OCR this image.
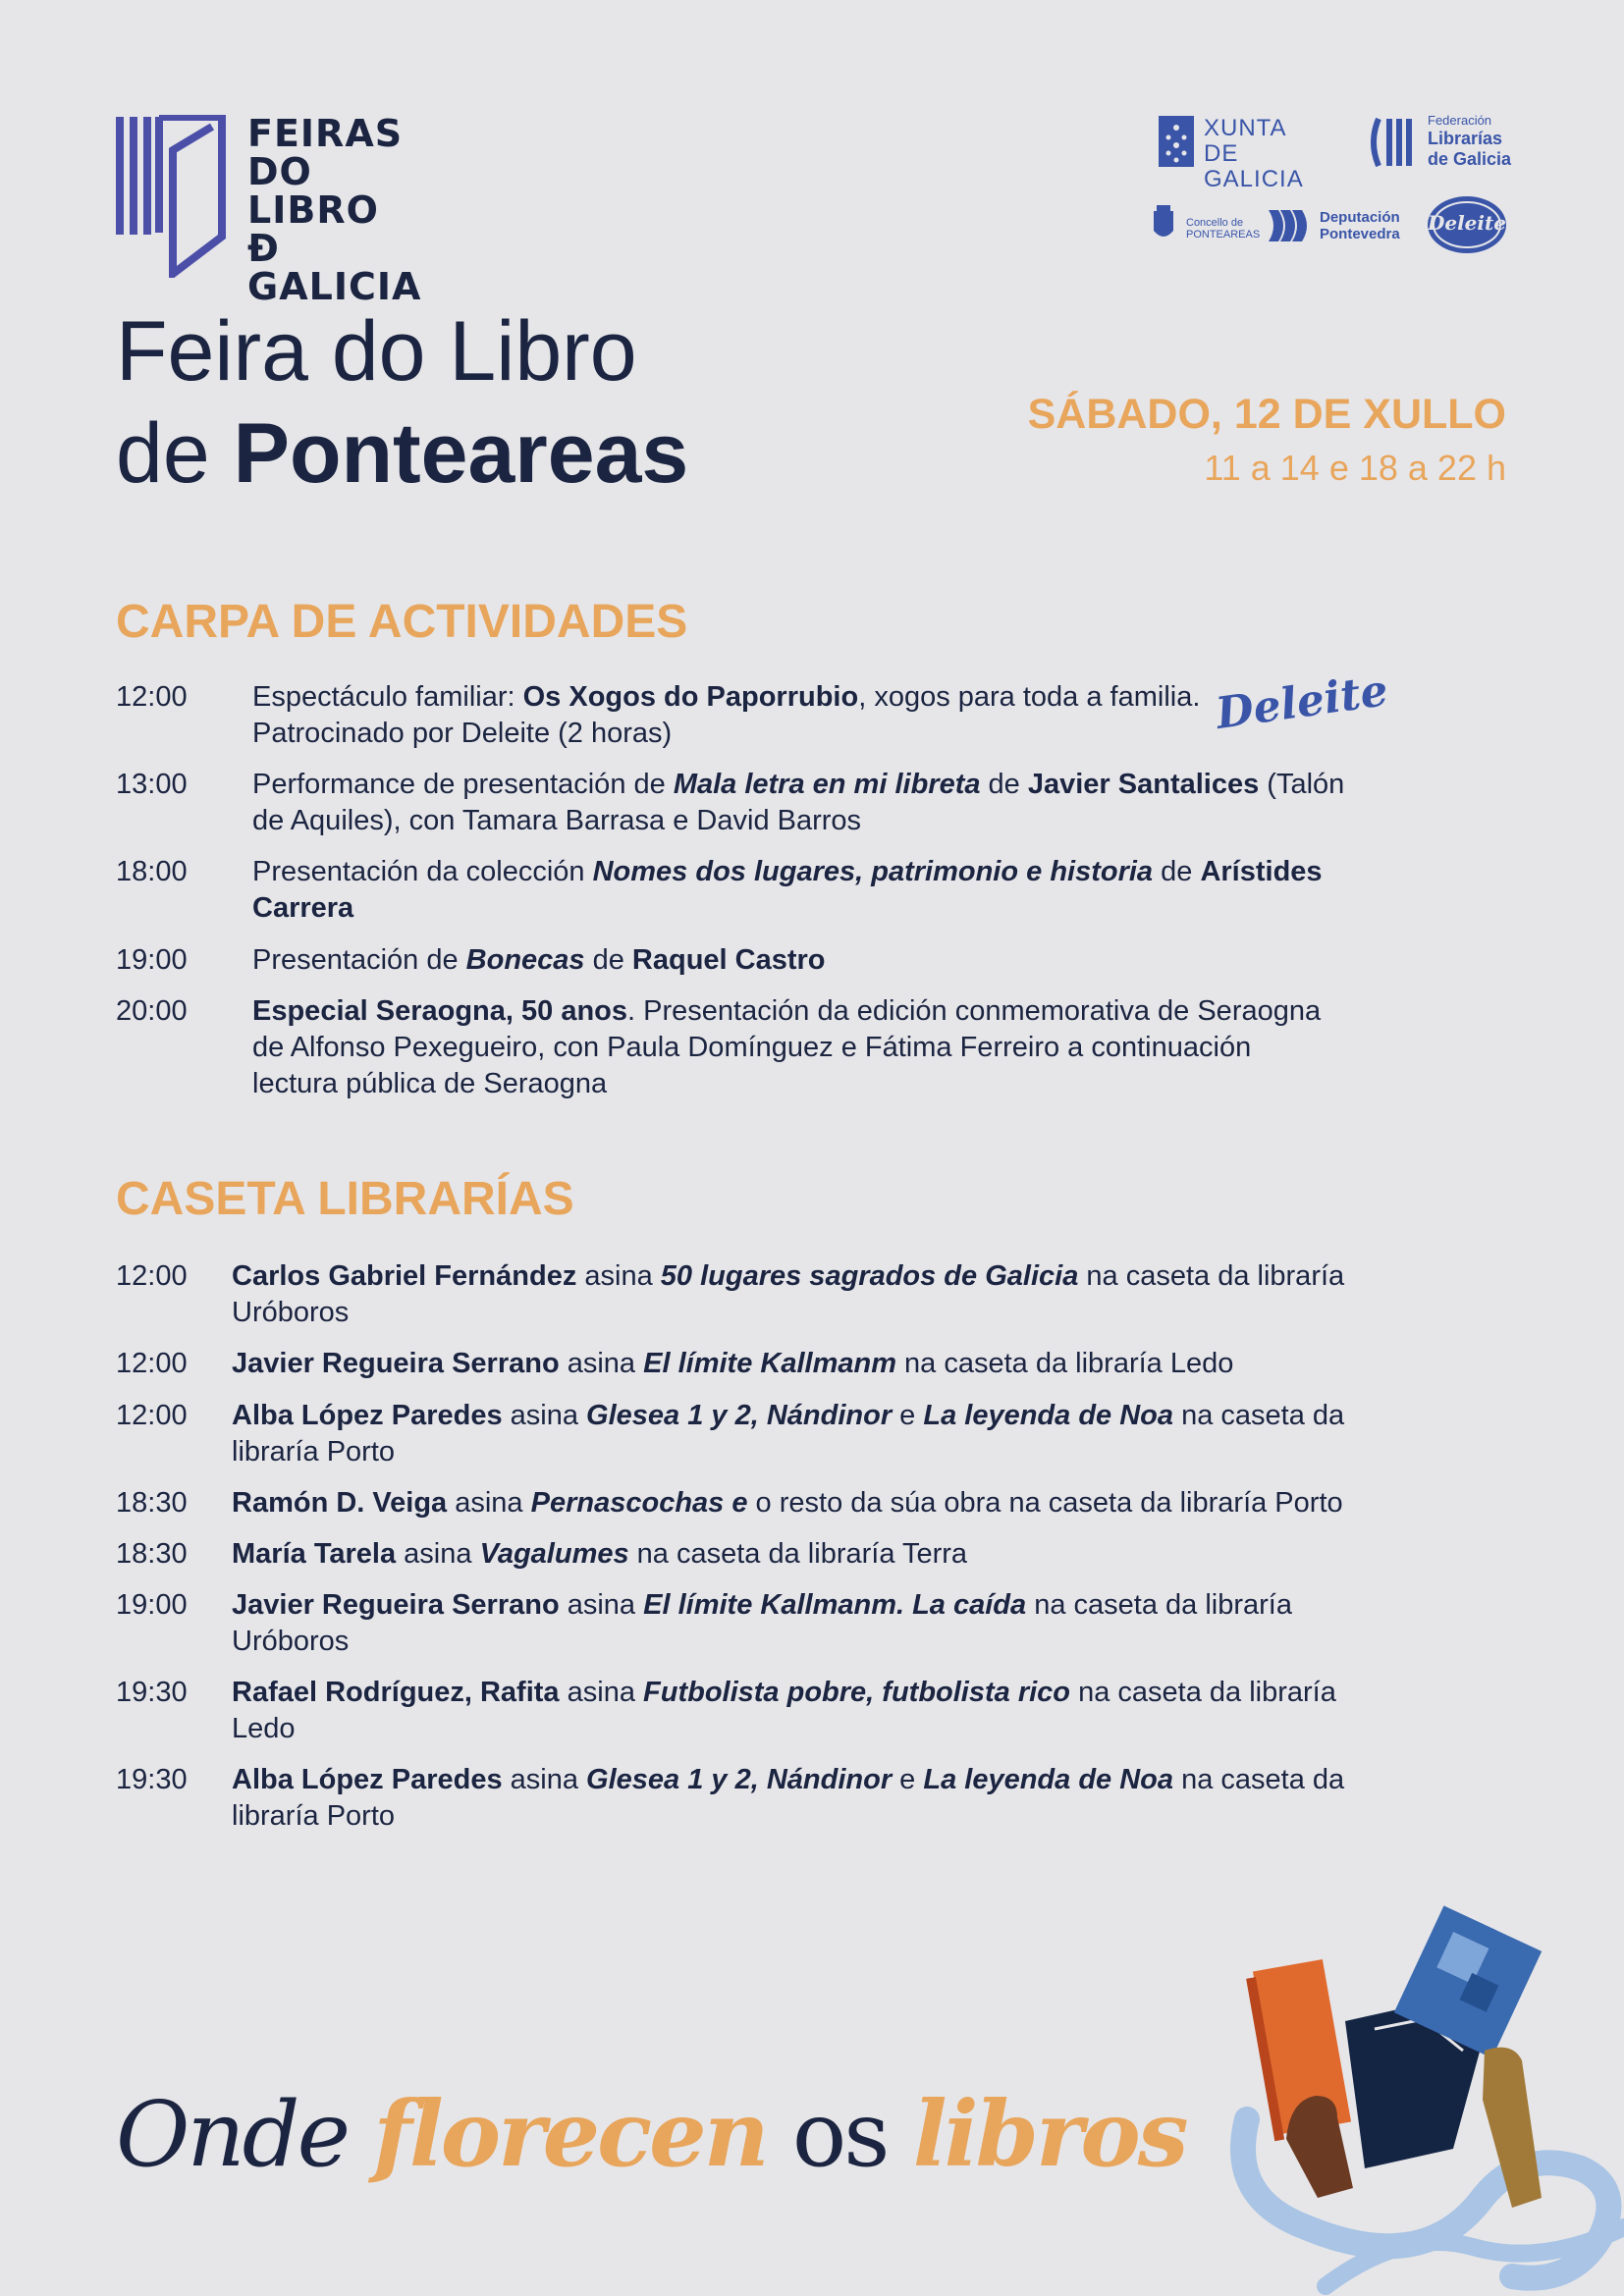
FEIRAS
DO LIBRO
Ð GALICIA
XUNTA
DE GALICIA
Federación
Librarías
de Galicia
Concello de
PONTEAREAS
Deputación
Pontevedra Deleite
Feira do Libro
de Ponteareas	SÁBADO, 12 DE XULLO
11 a 14 e 18 a 22 h
CARPA DE ACTIVIDADES
Deleite
12:00 Espectáculo familiar: Os Xogos do Paporrubio, xogos para toda a familia.
Patrocinado por Deleite (2 horas)
13:00 Performance de presentación de Mala letra en mi libreta de Javier Santalices (Talón
de Aquiles), con Tamara Barrasa e David Barros
18:00 Presentación da colección Nomes dos lugares, patrimonio e historia de Arístides
Carrera
19:00 Presentación de Bonecas de Raquel Castro
20:00 Especial Seraogna, 50 anos. Presentación da edición conmemorativa de Seraogna
de Alfonso Pexegueiro, con Paula Domínguez e Fátima Ferreiro a continuación
lectura pública de Seraogna
CASETA LIBRARÍAS
12:00 Carlos Gabriel Fernández asina 50 lugares sagrados de Galicia na caseta da libraría
Uróboros
12:00 Javier Regueira Serrano asina El límite Kallmanm na caseta da libraría Ledo
12:00 Alba López Paredes asina Glesea 1 y 2, Nándinor e La leyenda de Noa na caseta da
libraría Porto
18:30 Ramón D. Veiga asina Pernascochas e o resto da súa obra na caseta da libraría Porto
18:30 María Tarela asina Vagalumes na caseta da libraría Terra
19:00 Javier Regueira Serrano asina El límite Kallmanm. La caída na caseta da libraría
Uróboros
19:30 Rafael Rodríguez, Rafita asina Futbolista pobre, futbolista rico na caseta da libraría
Ledo
19:30 Alba López Paredes asina Glesea 1 y 2, Nándinor e La leyenda de Noa na caseta da
libraría Porto
Onde florecen os libros
